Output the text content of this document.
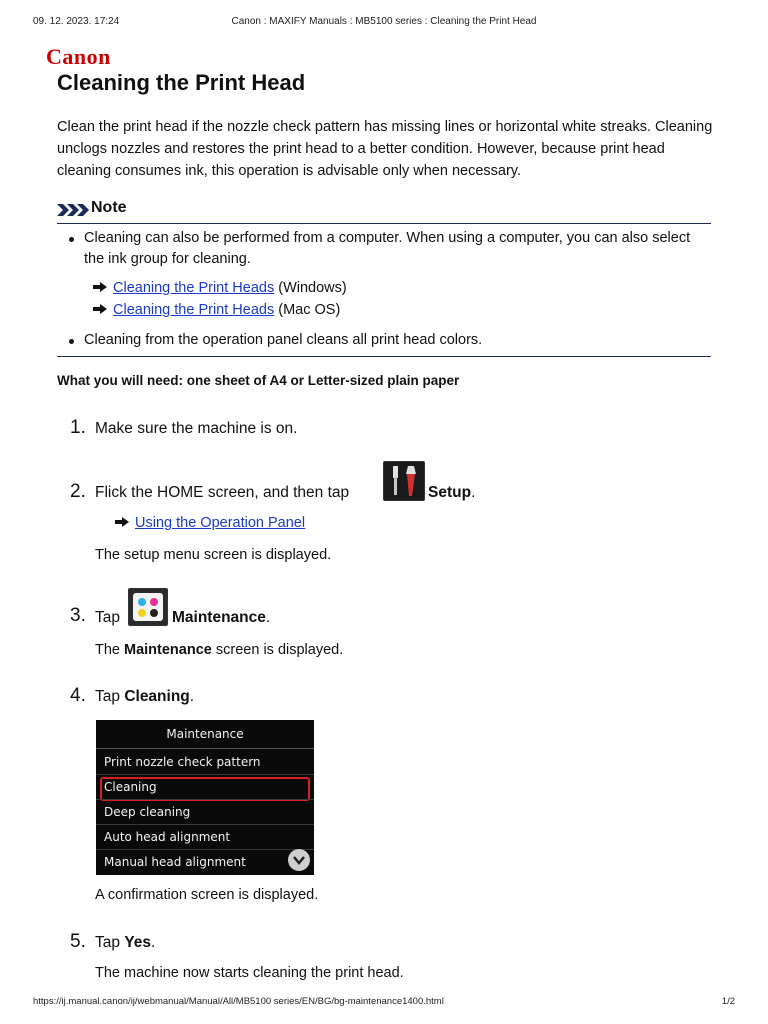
09. 12. 2023. 17:24	Canon : MAXIFY Manuals : MB5100 series : Cleaning the Print Head
Canon
Cleaning the Print Head

Clean the print head if the nozzle check pattern has missing lines or horizontal white streaks. Cleaning unclogs nozzles and restores the print head to a better condition. However, because print head cleaning consumes ink, this operation is advisable only when necessary.

Note
Cleaning can also be performed from a computer. When using a computer, you can also select the ink group for cleaning.
Cleaning the Print Heads (Windows)
Cleaning the Print Heads (Mac OS)
Cleaning from the operation panel cleans all print head colors.
What you will need: one sheet of A4 or Letter-sized plain paper
1. Make sure the machine is on.
2. Flick the HOME screen, and then tap	Setup.
Using the Operation Panel
The setup menu screen is displayed.
3. Tap	Maintenance.
The Maintenance screen is displayed.
4. Tap Cleaning.
Maintenance
Print nozzle check pattern
Cleaning
Deep cleaning
Auto head alignment
Manual head alignment
A confirmation screen is displayed.
5. Tap Yes.
The machine now starts cleaning the print head.
https://ij.manual.canon/ij/webmanual/Manual/All/MB5100 series/EN/BG/bg-maintenance1400.html	1/2
